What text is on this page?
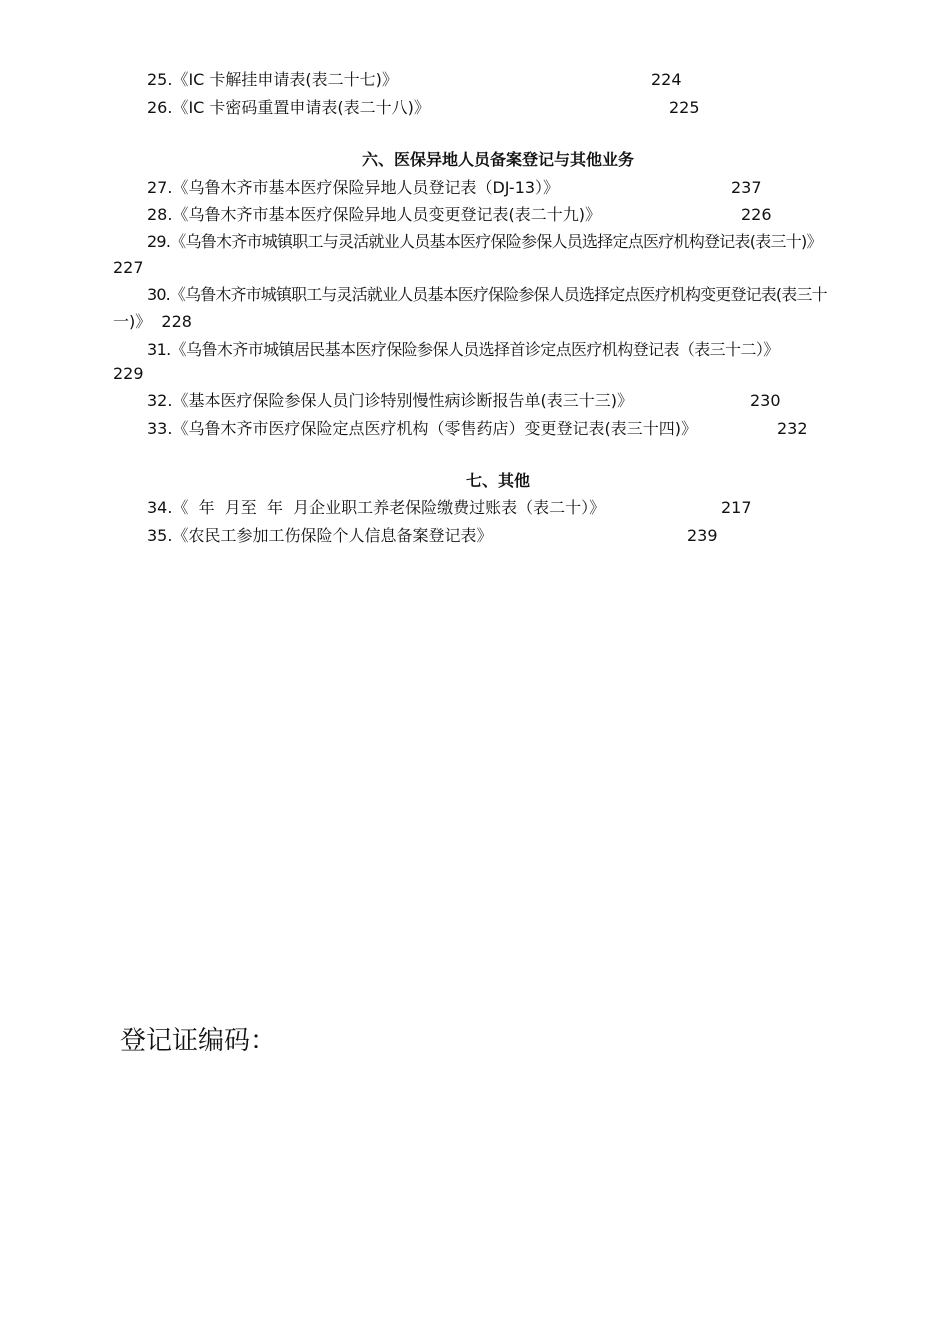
25.《IC 卡解挂申请表(表二十七)》	224
26.《IC 卡密码重置申请表(表二十八)》	225
六、医保异地人员备案登记与其他业务
27.《乌鲁木齐市基本医疗保险异地人员登记表（DJ-13）》	237
28.《乌鲁木齐市基本医疗保险异地人员变更登记表(表二十九)》	226
29.《乌鲁木齐市城镇职工与灵活就业人员基本医疗保险参保人员选择定点医疗机构登记表(表三十)》
227
30.《乌鲁木齐市城镇职工与灵活就业人员基本医疗保险参保人员选择定点医疗机构变更登记表(表三十
一)》 228
31.《乌鲁木齐市城镇居民基本医疗保险参保人员选择首诊定点医疗机构登记表（表三十二）》
229
32.《基本医疗保险参保人员门诊特别慢性病诊断报告单(表三十三)》	230
33.《乌鲁木齐市医疗保险定点医疗机构（零售药店）变更登记表(表三十四)》	232
七、其他
34.《  年  月至  年  月企业职工养老保险缴费过账表（表二十）》	217
35.《农民工参加工伤保险个人信息备案登记表》	239
登记证编码：
